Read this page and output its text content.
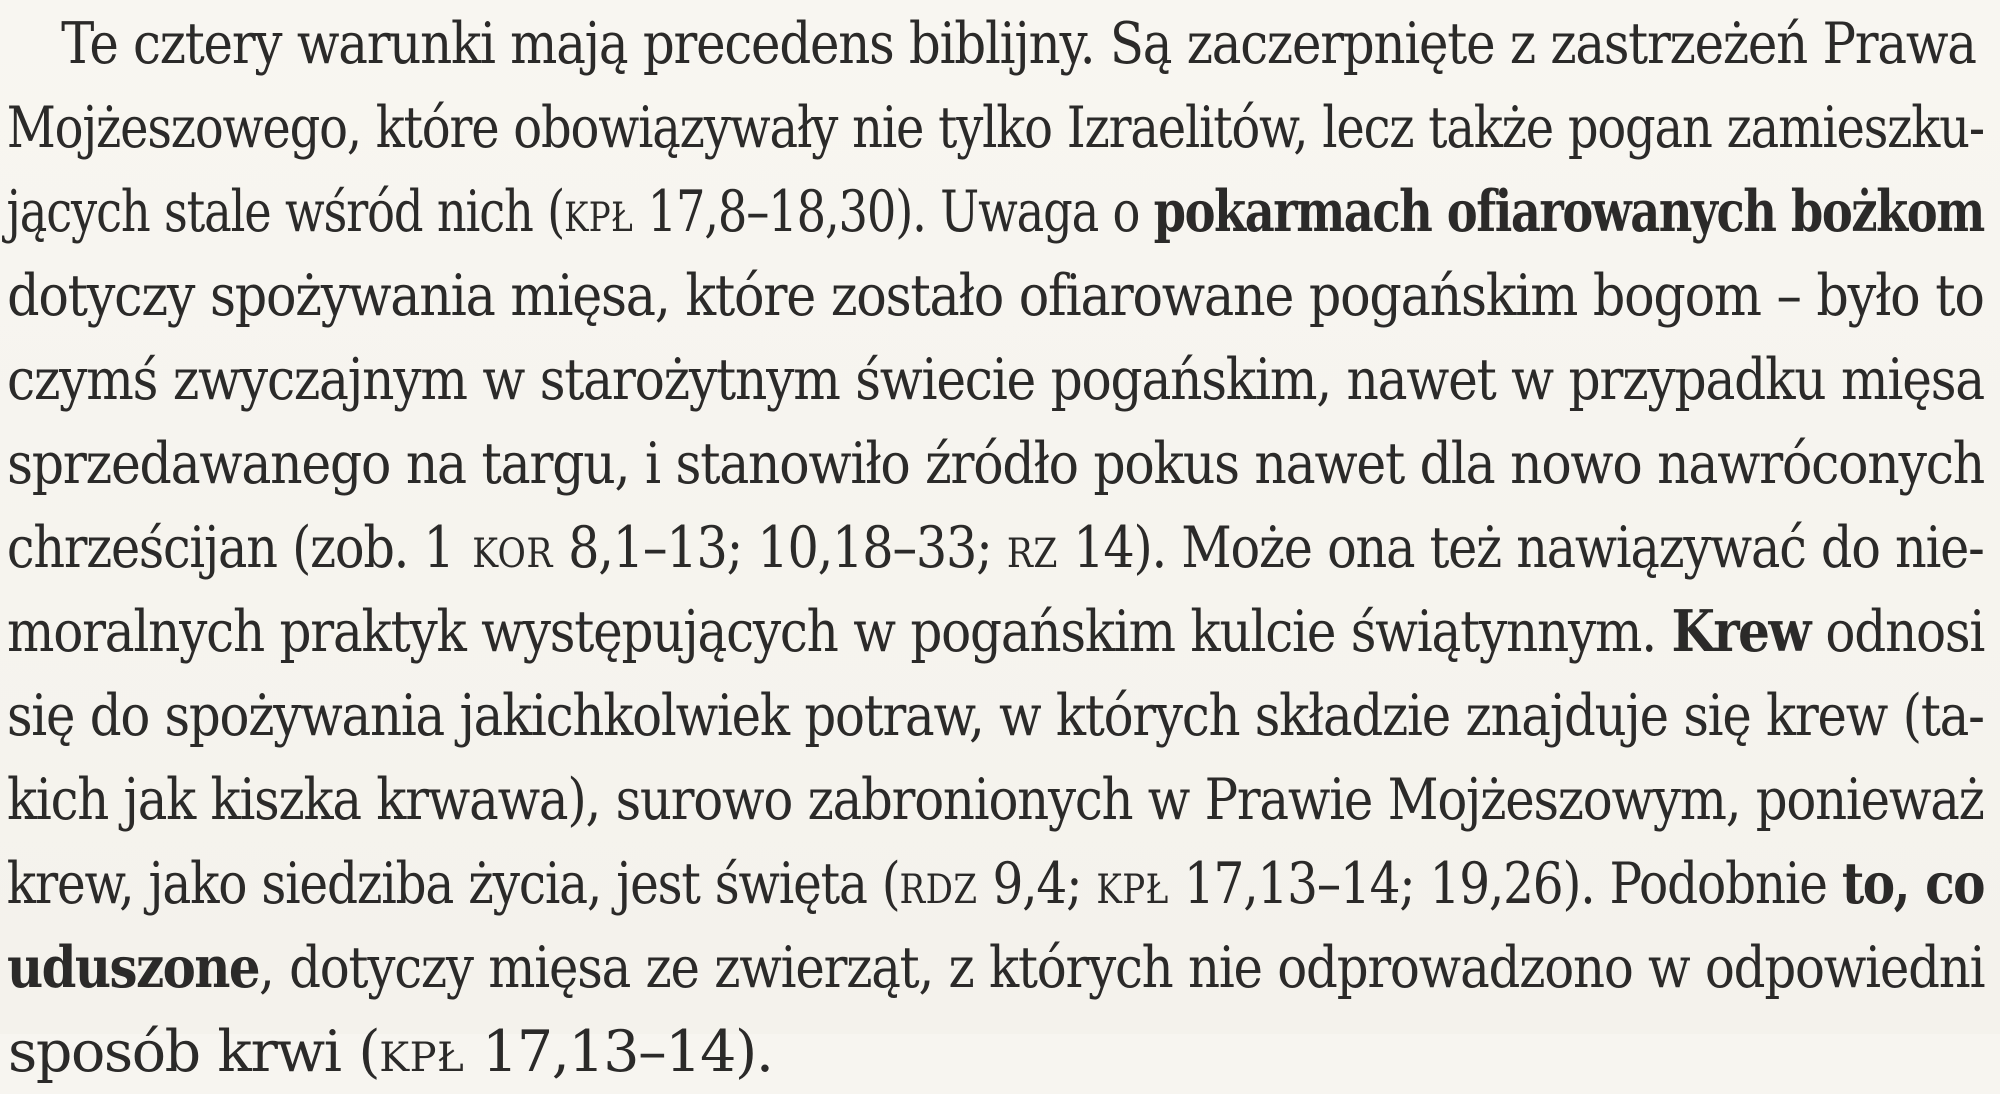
Te cztery warunki mają precedens biblijny. Są zaczerpnięte z zastrzeżeń Prawa
Mojżeszowego, które obowiązywały nie tylko Izraelitów, lecz także pogan zamieszku-
jących stale wśród nich (kpł 17,8–18,30). Uwaga o pokarmach ofiarowanych bożkom
dotyczy spożywania mięsa, które zostało ofiarowane pogańskim bogom – było to
czymś zwyczajnym w starożytnym świecie pogańskim, nawet w przypadku mięsa
sprzedawanego na targu, i stanowiło źródło pokus nawet dla nowo nawróconych
chrześcijan (zob. 1 kor 8,1–13; 10,18–33; rz 14). Może ona też nawiązywać do nie-
moralnych praktyk występujących w pogańskim kulcie świątynnym. Krew odnosi
się do spożywania jakichkolwiek potraw, w których składzie znajduje się krew (ta-
kich jak kiszka krwawa), surowo zabronionych w Prawie Mojżeszowym, ponieważ
krew, jako siedziba życia, jest święta (rdz 9,4; kpł 17,13–14; 19,26). Podobnie to, co
uduszone, dotyczy mięsa ze zwierząt, z których nie odprowadzono w odpowiedni
sposób krwi (kpł 17,13–14).
